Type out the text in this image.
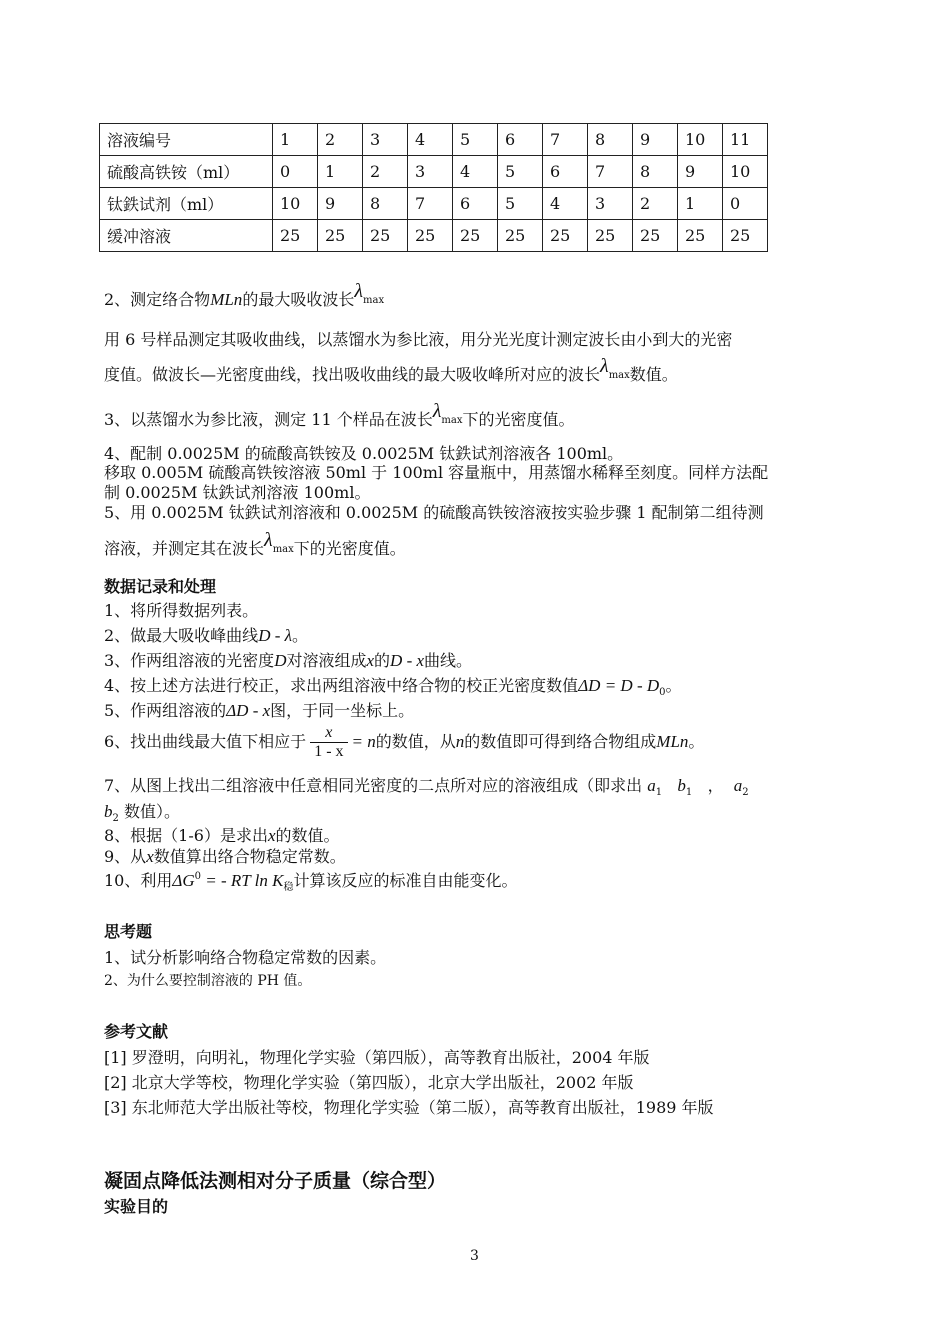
溶液编号	1	2	3	4	5	6	7	8	9	10	11
硫酸高铁铵（ml）	0	1	2	3	4	5	6	7	8	9	10
钛鉄试剂（ml）	10	9	8	7	6	5	4	3	2	1	0
缓冲溶液	25	25	25	25	25	25	25	25	25	25	25
2、测定络合物MLn的最大吸收波长λmax
用 6 号样品测定其吸收曲线，以蒸馏水为参比液，用分光光度计测定波长由小到大的光密
度值。做波长—光密度曲线，找出吸收曲线的最大吸收峰所对应的波长λmax数值。
3、以蒸馏水为参比液，测定 11 个样品在波长λmax下的光密度值。
4、配制 0.0025M 的硫酸高铁铵及 0.0025M 钛鉄试剂溶液各 100ml。
移取 0.005M 硫酸高铁铵溶液 50ml 于 100ml 容量瓶中，用蒸馏水稀释至刻度。同样方法配
制 0.0025M 钛鉄试剂溶液 100ml。
5、用 0.0025M 钛鉄试剂溶液和 0.0025M 的硫酸高铁铵溶液按实验步骤 1 配制第二组待测
溶液，并测定其在波长λmax下的光密度值。
数据记录和处理
1、将所得数据列表。
2、做最大吸收峰曲线D - λ。
3、作两组溶液的光密度D对溶液组成x的D - x曲线。
4、按上述方法进行校正，求出两组溶液中络合物的校正光密度数值$\Delta D = D - D_0$。
5、作两组溶液的ΔD - x图，于同一坐标上。
6、找出曲线最大值下相应于 $\frac{x}{1 - x} = n$的数值，从n的数值即可得到络合物组成MLn。
7、从图上找出二组溶液中任意相同光密度的二点所对应的溶液组成（即求出 $a_1$ $b_1$ ， $a_2$
$b_2$ 数值）。
8、根据（1-6）是求出x的数值。
9、从x数值算出络合物稳定常数。
10、利用$\Delta G^0$ = - RT $\ln K_稳$计算该反应的标准自由能变化。
思考题
1、试分析影响络合物稳定常数的因素。
2、为什么要控制溶液的 PH 值。
参考文献
[1] 罗澄明，向明礼，物理化学实验（第四版），高等教育出版社，2004 年版
[2] 北京大学等校，物理化学实验（第四版），北京大学出版社，2002 年版
[3] 东北师范大学出版社等校，物理化学实验（第二版），高等教育出版社，1989 年版
凝固点降低法测相对分子质量（综合型）
实验目的
3
